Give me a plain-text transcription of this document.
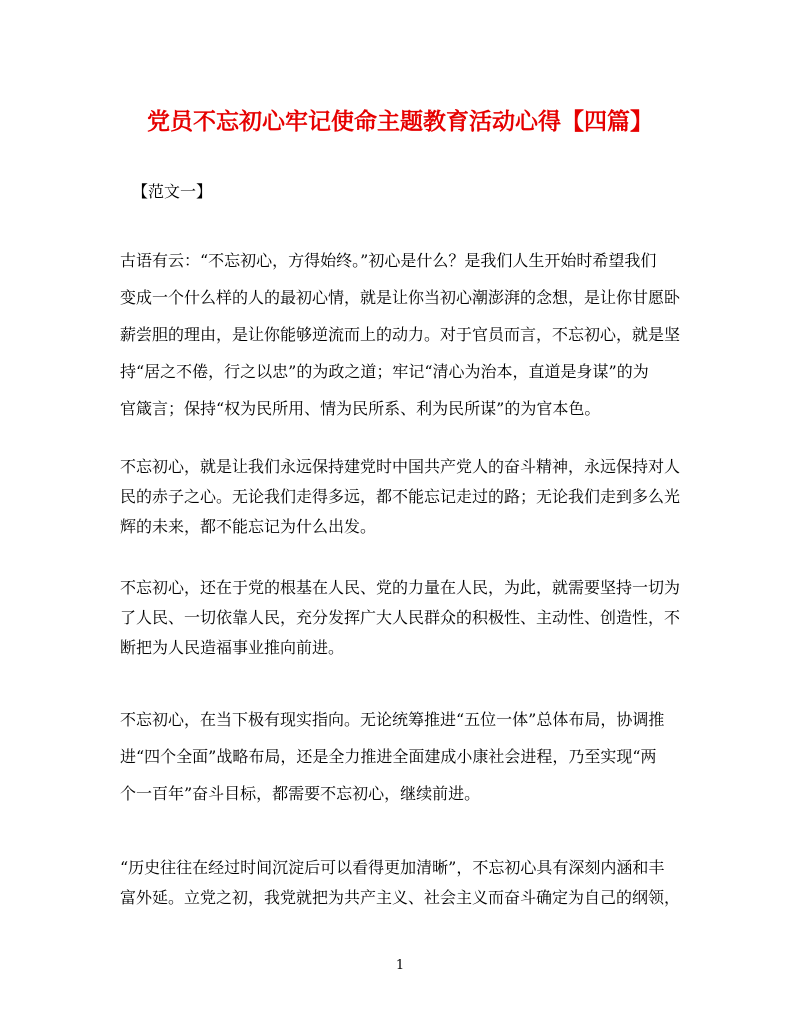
党员不忘初心牢记使命主题教育活动心得【四篇】
【范文一】
古语有云：“不忘初心，方得始终。”初心是什么？是我们人生开始时希望我们
变成一个什么样的人的最初心情，就是让你当初心潮澎湃的念想，是让你甘愿卧
薪尝胆的理由，是让你能够逆流而上的动力。对于官员而言，不忘初心，就是坚
持“居之不倦，行之以忠”的为政之道；牢记“清心为治本，直道是身谋”的为
官箴言；保持“权为民所用、情为民所系、利为民所谋”的为官本色。
不忘初心，就是让我们永远保持建党时中国共产党人的奋斗精神，永远保持对人
民的赤子之心。无论我们走得多远，都不能忘记走过的路；无论我们走到多么光
辉的未来，都不能忘记为什么出发。
不忘初心，还在于党的根基在人民、党的力量在人民，为此，就需要坚持一切为
了人民、一切依靠人民，充分发挥广大人民群众的积极性、主动性、创造性，不
断把为人民造福事业推向前进。
不忘初心，在当下极有现实指向。无论统筹推进“五位一体”总体布局，协调推
进“四个全面”战略布局，还是全力推进全面建成小康社会进程，乃至实现“两
个一百年”奋斗目标，都需要不忘初心，继续前进。
“历史往往在经过时间沉淀后可以看得更加清晰”，不忘初心具有深刻内涵和丰
富外延。立党之初，我党就把为共产主义、社会主义而奋斗确定为自己的纲领，
1
